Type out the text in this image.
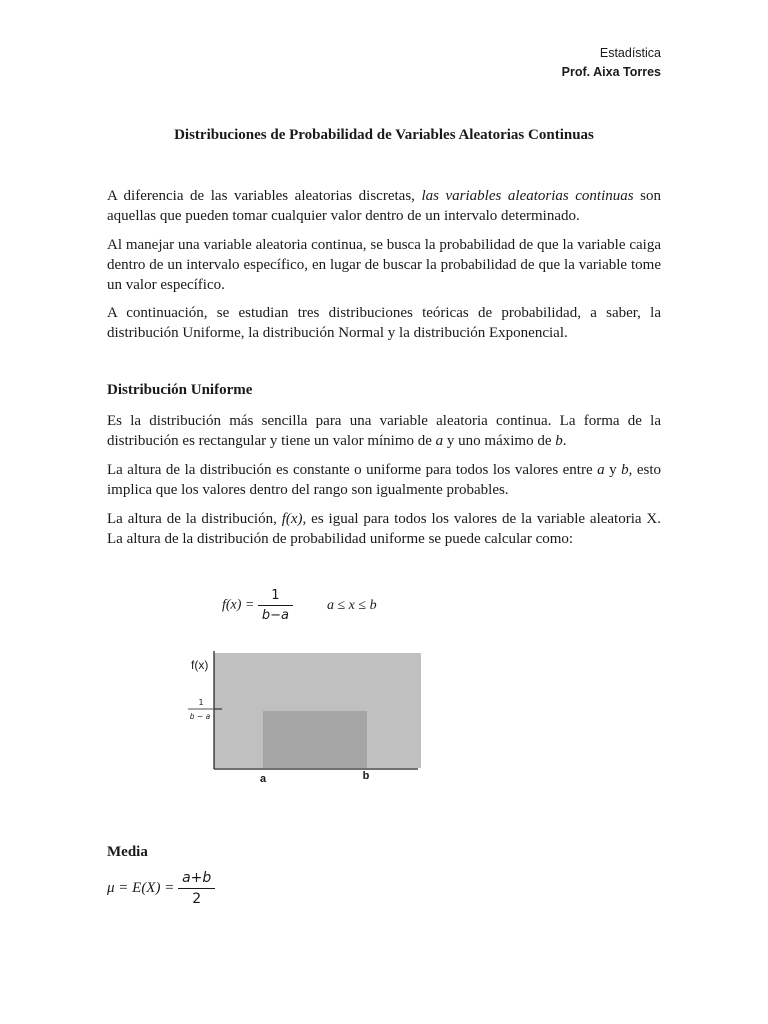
Estadística
Prof. Aixa Torres
Distribuciones de Probabilidad de Variables Aleatorias Continuas

A diferencia de las variables aleatorias discretas, las variables aleatorias continuas son aquellas que pueden tomar cualquier valor dentro de un intervalo determinado.

Al manejar una variable aleatoria continua, se busca la probabilidad de que la variable caiga dentro de un intervalo específico, en lugar de buscar la probabilidad de que la variable tome un valor específico.

A continuación, se estudian tres distribuciones teóricas de probabilidad, a saber, la distribución Uniforme, la distribución Normal y la distribución Exponencial.

Distribución Uniforme

Es la distribución más sencilla para una variable aleatoria continua. La forma de la distribución es rectangular y tiene un valor mínimo de a y uno máximo de b.

La altura de la distribución es constante o uniforme para todos los valores entre a y b, esto implica que los valores dentro del rango son igualmente probables.

La altura de la distribución, f(x), es igual para todos los valores de la variable aleatoria X. La altura de la distribución de probabilidad uniforme se puede calcular como:

$f(x) = \frac{1}{b-a}$ a ≤ x ≤ b
f(x)
1
b − a
a	b
Media
$\mu = E(X) = \frac{a+b}{2}$
